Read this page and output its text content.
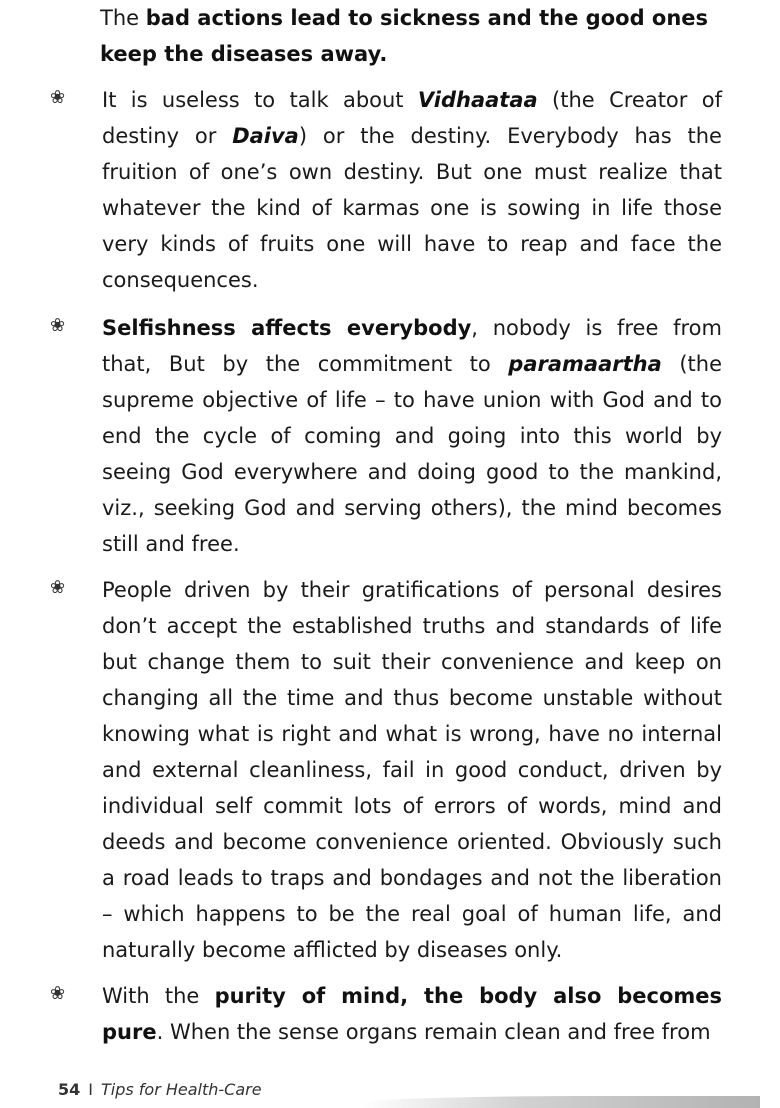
The bad actions lead to sickness and the good ones keep the diseases away.

❀	It is useless to talk about Vidhaataa (the Creator of destiny or Daiva) or the destiny. Everybody has the fruition of one’s own destiny. But one must realize that whatever the kind of karmas one is sowing in life those very kinds of fruits one will have to reap and face the consequences.

❀	Selfishness affects everybody, nobody is free from that, But by the commitment to paramaartha (the supreme objective of life – to have union with God and to end the cycle of coming and going into this world by seeing God everywhere and doing good to the mankind, viz., seeking God and serving others), the mind becomes still and free.

❀	People driven by their gratifications of personal desires don’t accept the established truths and standards of life but change them to suit their convenience and keep on changing all the time and thus become unstable without knowing what is right and what is wrong, have no internal and external cleanliness, fail in good conduct, driven by individual self commit lots of errors of words, mind and deeds and become convenience oriented. Obviously such a road leads to traps and bondages and not the liberation – which happens to be the real goal of human life, and naturally become afflicted by diseases only.

❀	With the purity of mind, the body also becomes pure. When the sense organs remain clean and free from

54 I Tips for Health-Care
